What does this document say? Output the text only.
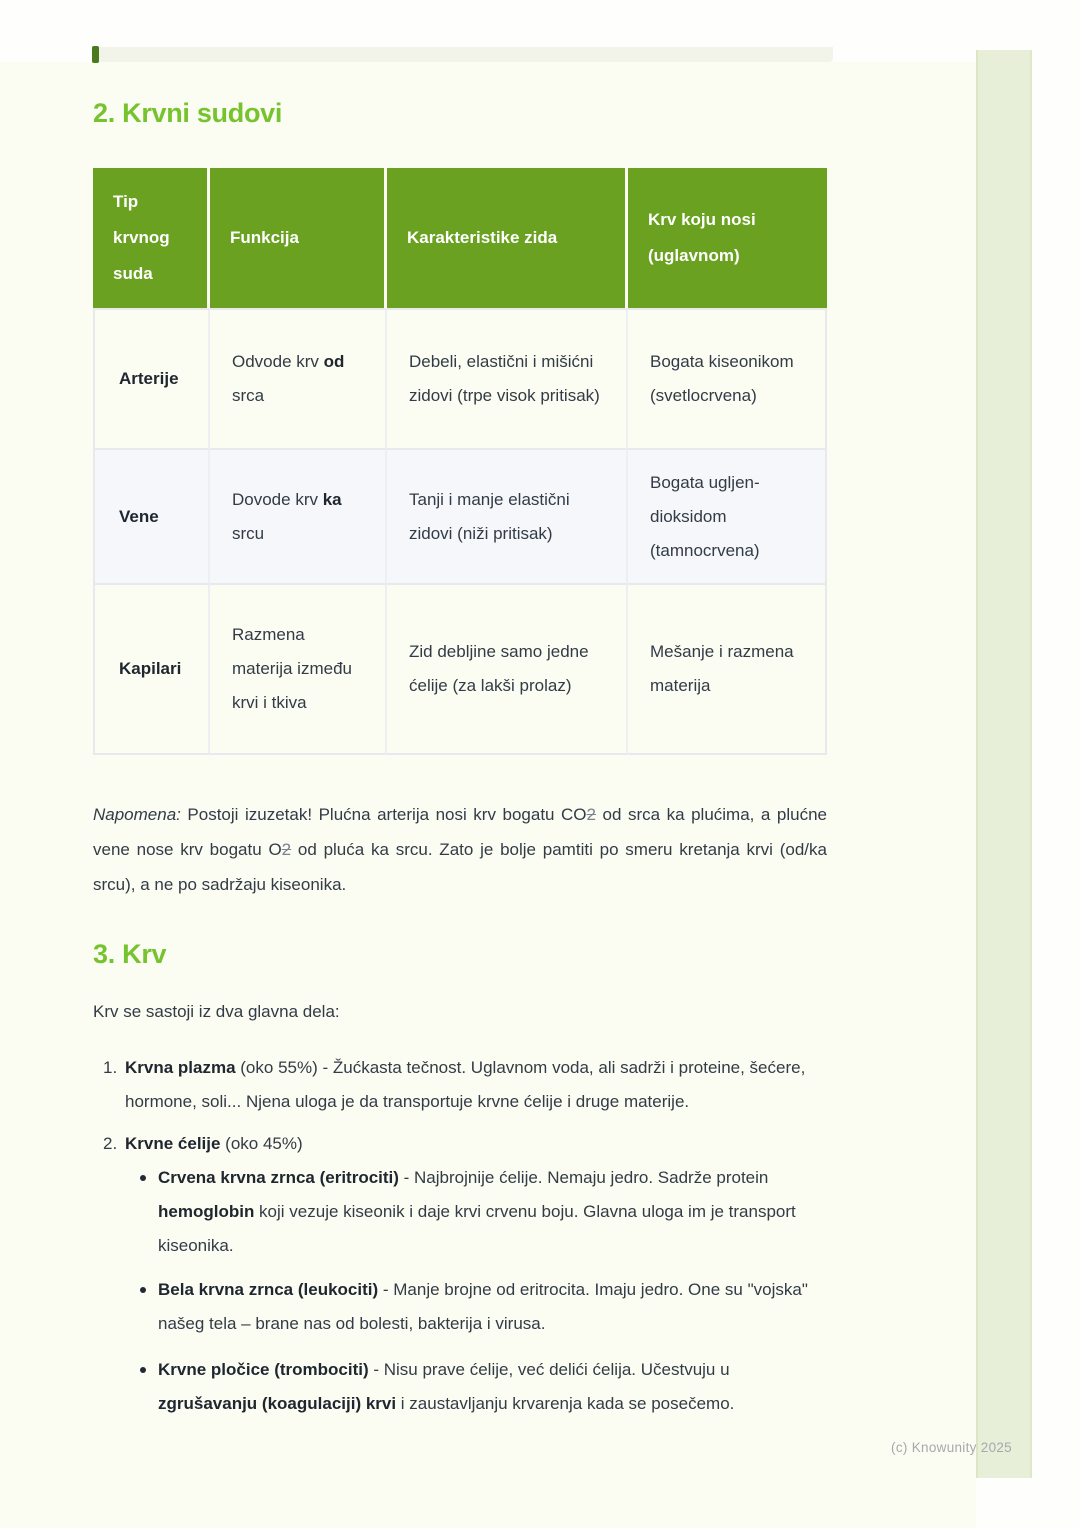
2. Krvni sudovi
Tip krvnog suda	Funkcija	Karakteristike zida	Krv koju nosi (uglavnom)
Arterije	Odvode krv od srca	Debeli, elastični i mišićni zidovi (trpe visok pritisak)	Bogata kiseonikom (svetlocrvena)
Vene	Dovode krv ka srcu	Tanji i manje elastični zidovi (niži pritisak)	Bogata ugljen-dioksidom (tamnocrvena)
Kapilari	Razmena materija između krvi i tkiva	Zid debljine samo jedne ćelije (za lakši prolaz)	Mešanje i razmena materija

Napomena: Postoji izuzetak! Plućna arterija nosi krv bogatu CO2 od srca ka plućima, a plućne vene nose krv bogatu O2 od pluća ka srcu. Zato je bolje pamtiti po smeru kretanja krvi (od/ka srcu), a ne po sadržaju kiseonika.

3. Krv

Krv se sastoji iz dva glavna dela:

1. Krvna plazma (oko 55%) - Žućkasta tečnost. Uglavnom voda, ali sadrži i proteine, šećere, hormone, soli... Njena uloga je da transportuje krvne ćelije i druge materije.
2. Krvne ćelije (oko 45%)
Crvena krvna zrnca (eritrociti) - Najbrojnije ćelije. Nemaju jedro. Sadrže protein hemoglobin koji vezuje kiseonik i daje krvi crvenu boju. Glavna uloga im je transport kiseonika.
Bela krvna zrnca (leukociti) - Manje brojne od eritrocita. Imaju jedro. One su "vojska" našeg tela – brane nas od bolesti, bakterija i virusa.
Krvne pločice (trombociti) - Nisu prave ćelije, već delići ćelija. Učestvuju u zgrušavanju (koagulaciji) krvi i zaustavljanju krvarenja kada se posečemo.
(c) Knowunity 2025
